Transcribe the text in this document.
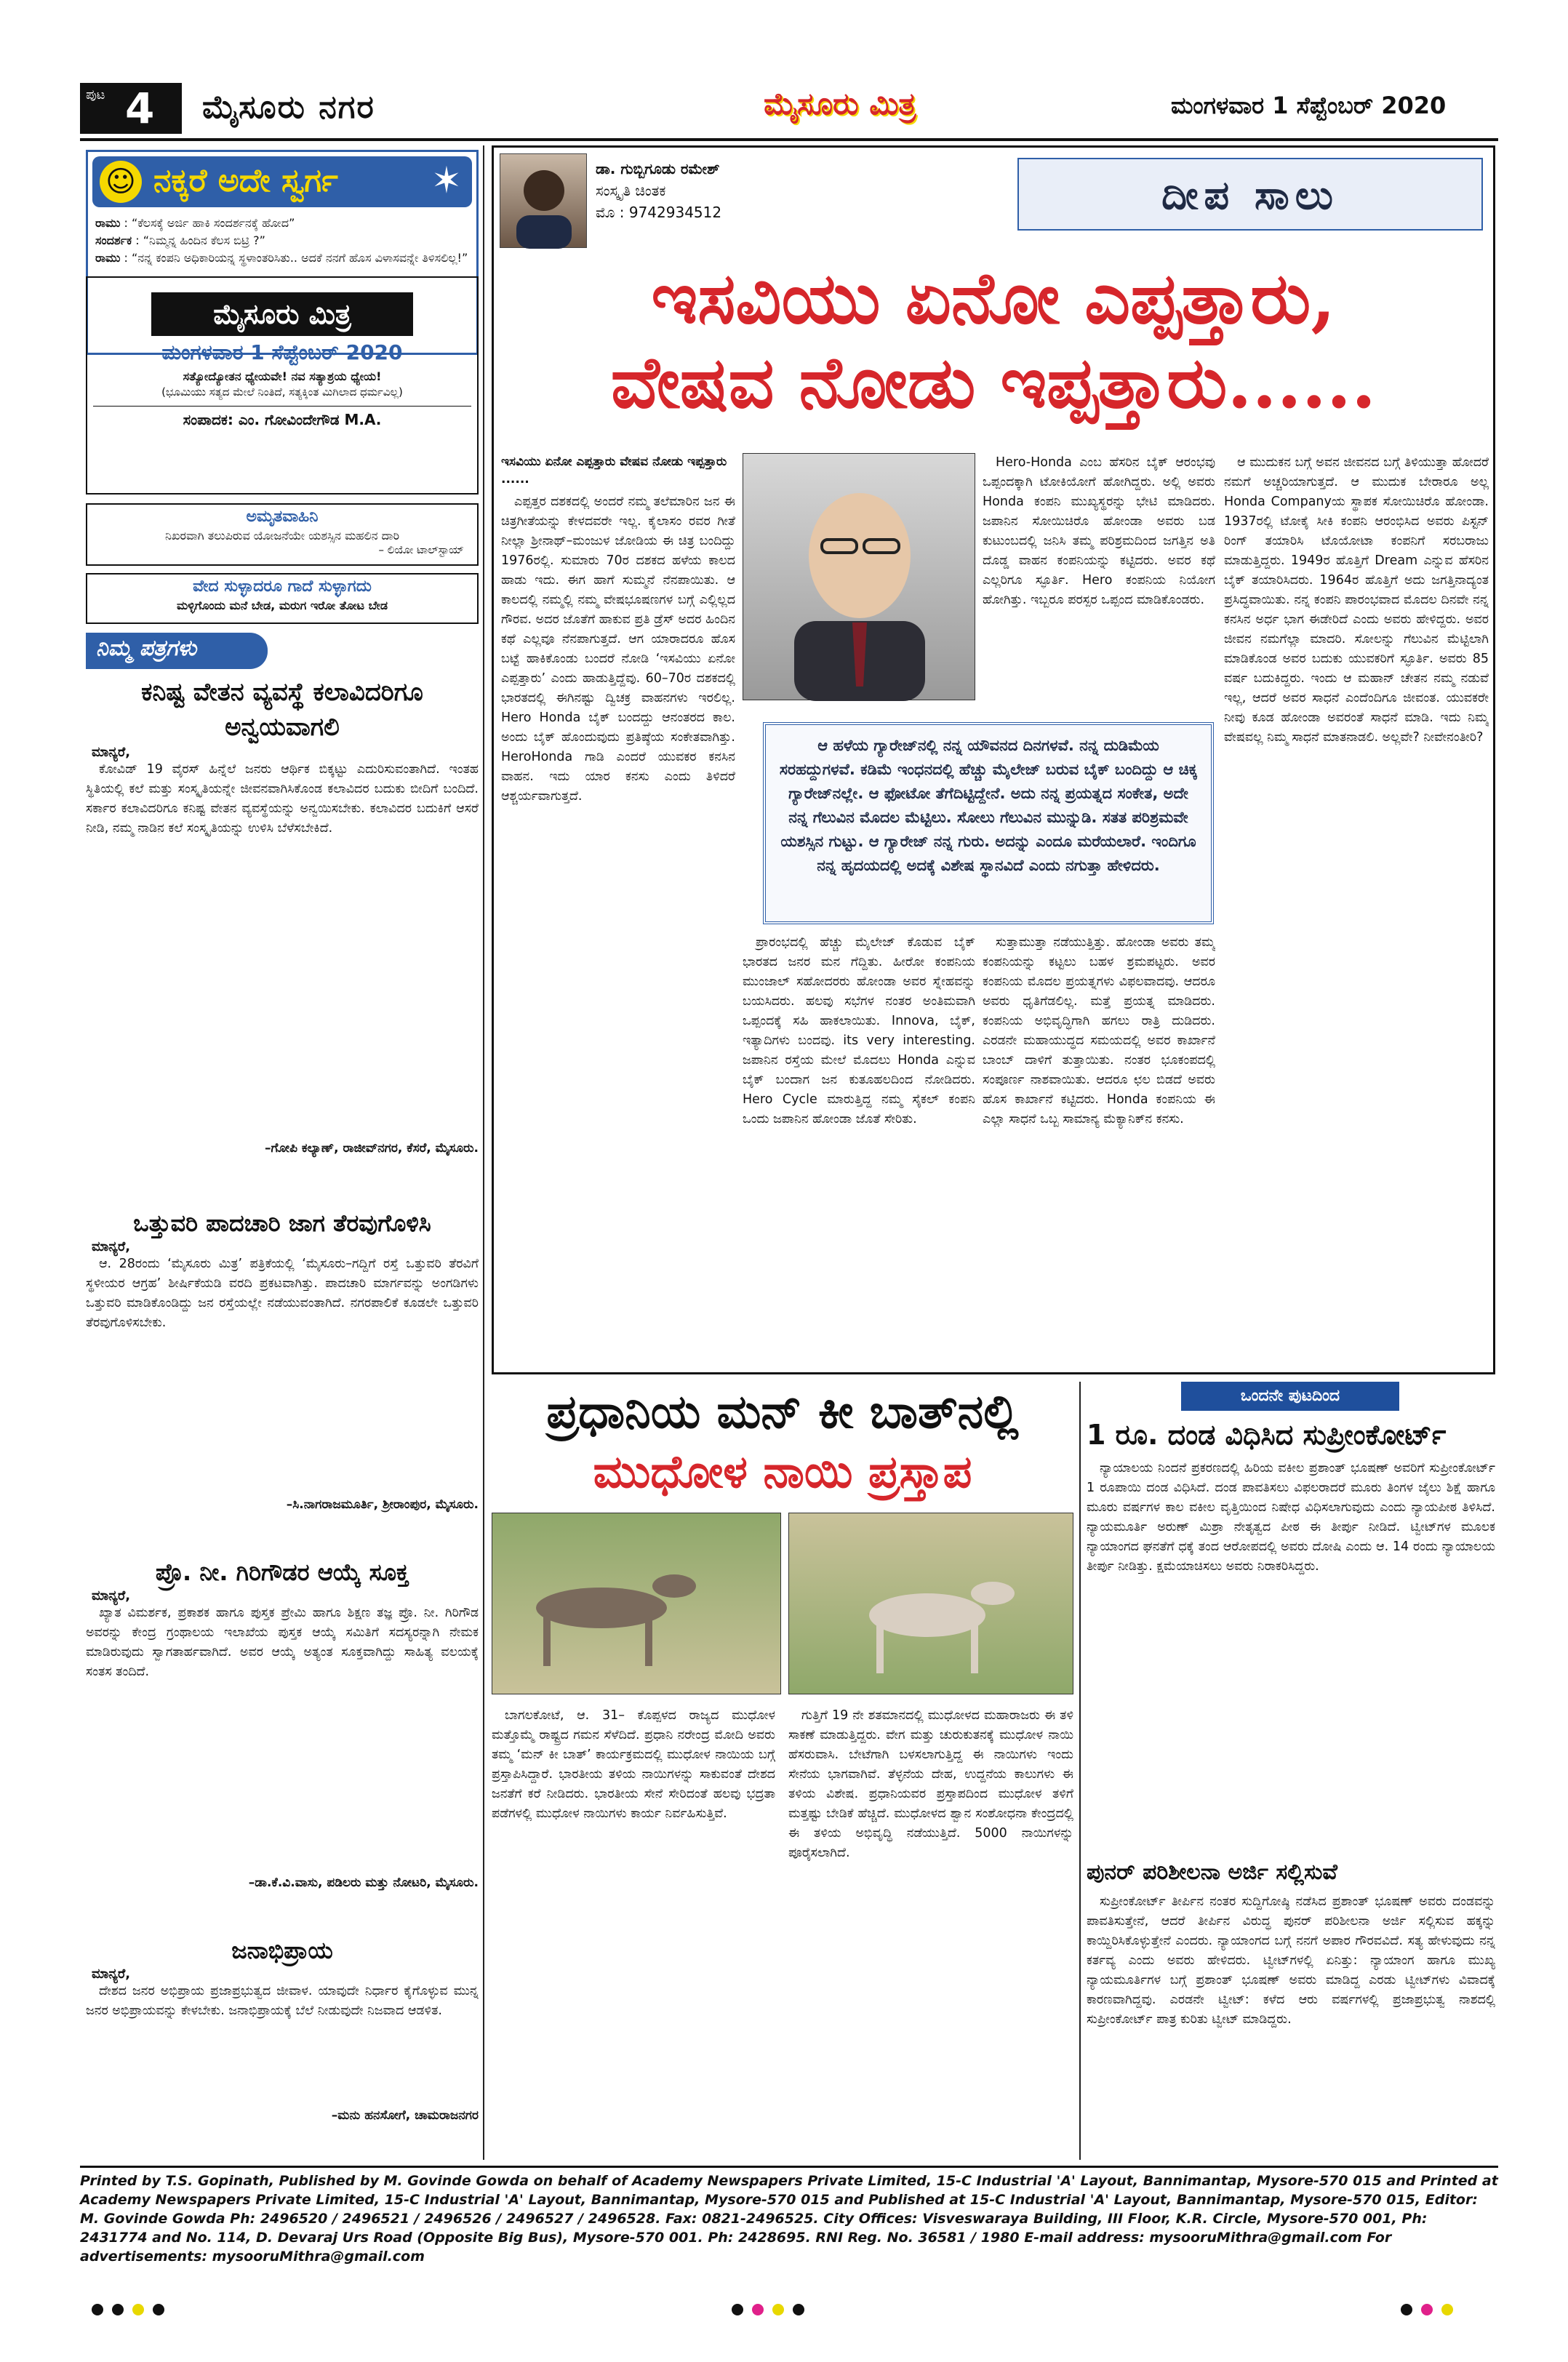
ಪುಟ 4 ಮೈಸೂರು ನಗರ	ಮೈಸೂರು ಮಿತ್ರ	ಮಂಗಳವಾರ 1 ಸೆಪ್ಟೆಂಬರ್ 2020
☺ ನಕ್ಕರೆ ಅದೇ ಸ್ವರ್ಗ	✶
ರಾಮು : “ಕೆಲಸಕ್ಕೆ ಅರ್ಜಿ ಹಾಕಿ ಸಂದರ್ಶನಕ್ಕೆ ಹೋದ”
ಸಂದರ್ಶಕ : “ನಿಮ್ಮನ್ನ ಹಿಂದಿನ ಕೆಲಸ ಬಿಟ್ರಿ ?”
ರಾಮು : “ನನ್ನ ಕಂಪನಿ ಅಧಿಕಾರಿಯನ್ನ ಸ್ಥಳಾಂತರಿಸಿತು.. ಅದಕೆ ನನಗೆ ಹೊಸ ವಿಳಾಸವನ್ನೇ ತಿಳಿಸಲಿಲ್ಲ!”
ಮೈಸೂರು ಮಿತ್ರ
ಮಂಗಳವಾರ 1 ಸೆಪ್ಟೆಂಬರ್ 2020
ಸತ್ಯೋದ್ಯೋತನ ಧ್ಯೇಯವೇ! ನವ ಸತ್ಯಾಶ್ರಯ ಧ್ಯೇಯ!
(ಭೂಮಿಯು ಸತ್ಯದ ಮೇಲೆ ನಿಂತಿದೆ, ಸತ್ಯಕ್ಕಿಂತ ಮಿಗಿಲಾದ ಧರ್ಮವಿಲ್ಲ)
ಸಂಪಾದಕ: ಎಂ. ಗೋವಿಂದೇಗೌಡ M.A.
ಅಮೃತವಾಹಿನಿ
ನಿಖರವಾಗಿ ತಲುಪಿರುವ ಯೋಜನೆಯೇ ಯಶಸ್ಸಿನ ಮಹಲಿನ ದಾರಿ
– ಲಿಯೋ ಟಾಲ್‌ಸ್ಟಾಯ್
ವೇದ ಸುಳ್ಳಾದರೂ ಗಾದೆ ಸುಳ್ಳಾಗದು
ಮಳ್ಳಿಗೊಂದು ಮನೆ ಬೇಡ, ಮರುಗ ಇರೋ ತೋಟ ಬೇಡ
ನಿಮ್ಮ ಪತ್ರಗಳು
ಕನಿಷ್ಟ ವೇತನ ವ್ಯವಸ್ಥೆ ಕಲಾವಿದರಿಗೂ ಅನ್ವಯವಾಗಲಿ
ಮಾನ್ಯರೆ,

ಕೋವಿಡ್‌ 19 ವೈರಸ್ ಹಿನ್ನೆಲೆ ಜನರು ಆರ್ಥಿಕ ಬಿಕ್ಕಟ್ಟು ಎದುರಿಸುವಂತಾಗಿದೆ. ಇಂತಹ ಸ್ಥಿತಿಯಲ್ಲಿ ಕಲೆ ಮತ್ತು ಸಂಸ್ಕೃತಿಯನ್ನೇ ಜೀವನವಾಗಿಸಿಕೊಂಡ ಕಲಾವಿದರ ಬದುಕು ಬೀದಿಗೆ ಬಂದಿದೆ. ಸರ್ಕಾರ ಕಲಾವಿದರಿಗೂ ಕನಿಷ್ಟ ವೇತನ ವ್ಯವಸ್ಥೆಯನ್ನು ಅನ್ವಯಿಸಬೇಕು. ಕಲಾವಿದರ ಬದುಕಿಗೆ ಆಸರೆ ನೀಡಿ, ನಮ್ಮ ನಾಡಿನ ಕಲೆ ಸಂಸ್ಕೃತಿಯನ್ನು ಉಳಿಸಿ ಬೆಳೆಸಬೇಕಿದೆ.

–ಗೋಪಿ ಕಲ್ಯಾಣ್, ರಾಜೀವ್‌ನಗರ, ಕೆಸರೆ, ಮೈಸೂರು.
ಒತ್ತುವರಿ ಪಾದಚಾರಿ ಜಾಗ ತೆರವುಗೊಳಿಸಿ
ಮಾನ್ಯರೆ,

ಆ. 28ರಂದು ‘ಮೈಸೂರು ಮಿತ್ರ’ ಪತ್ರಿಕೆಯಲ್ಲಿ ‘ಮೈಸೂರು–ಗದ್ದಿಗೆ ರಸ್ತೆ ಒತ್ತುವರಿ ತೆರವಿಗೆ ಸ್ಥಳೀಯರ ಆಗ್ರಹ’ ಶೀರ್ಷಿಕೆಯಡಿ ವರದಿ ಪ್ರಕಟವಾಗಿತ್ತು. ಪಾದಚಾರಿ ಮಾರ್ಗವನ್ನು ಅಂಗಡಿಗಳು ಒತ್ತುವರಿ ಮಾಡಿಕೊಂಡಿದ್ದು ಜನ ರಸ್ತೆಯಲ್ಲೇ ನಡೆಯುವಂತಾಗಿದೆ. ನಗರಪಾಲಿಕೆ ಕೂಡಲೇ ಒತ್ತುವರಿ ತೆರವುಗೊಳಿಸಬೇಕು.

–ಸಿ.ನಾಗರಾಜಮೂರ್ತಿ, ಶ್ರೀರಾಂಪುರ, ಮೈಸೂರು.
ಪ್ರೊ. ನೀ. ಗಿರಿಗೌಡರ ಆಯ್ಕೆ ಸೂಕ್ತ
ಮಾನ್ಯರೆ,

ಖ್ಯಾತ ವಿಮರ್ಶಕ, ಪ್ರಕಾಶಕ ಹಾಗೂ ಪುಸ್ತಕ ಪ್ರೇಮಿ ಹಾಗೂ ಶಿಕ್ಷಣ ತಜ್ಞ ಪ್ರೊ. ನೀ. ಗಿರಿಗೌಡ ಅವರನ್ನು ಕೇಂದ್ರ ಗ್ರಂಥಾಲಯ ಇಲಾಖೆಯ ಪುಸ್ತಕ ಆಯ್ಕೆ ಸಮಿತಿಗೆ ಸದಸ್ಯರನ್ನಾಗಿ ನೇಮಕ ಮಾಡಿರುವುದು ಸ್ವಾಗತಾರ್ಹವಾಗಿದೆ. ಅವರ ಆಯ್ಕೆ ಅತ್ಯಂತ ಸೂಕ್ತವಾಗಿದ್ದು ಸಾಹಿತ್ಯ ವಲಯಕ್ಕೆ ಸಂತಸ ತಂದಿದೆ.

–ಡಾ.ಕೆ.ವಿ.ವಾಸು, ಪಡಿಲರು ಮತ್ತು ನೋಟರಿ, ಮೈಸೂರು.
ಜನಾಭಿಪ್ರಾಯ
ಮಾನ್ಯರೆ,

ದೇಶದ ಜನರ ಅಭಿಪ್ರಾಯ ಪ್ರಜಾಪ್ರಭುತ್ವದ ಜೀವಾಳ. ಯಾವುದೇ ನಿರ್ಧಾರ ಕೈಗೊಳ್ಳುವ ಮುನ್ನ ಜನರ ಅಭಿಪ್ರಾಯವನ್ನು ಕೇಳಬೇಕು. ಜನಾಭಿಪ್ರಾಯಕ್ಕೆ ಬೆಲೆ ನೀಡುವುದೇ ನಿಜವಾದ ಆಡಳಿತ.

–ಮನು ಹನಸೋಗೆ, ಚಾಮರಾಜನಗರ
ಡಾ. ಗುಬ್ಬಿಗೂಡು ರಮೇಶ್
ಸಂಸ್ಕೃತಿ ಚಿಂತಕ
ಮೊ : 9742934512	ದೀಪ ಸಾಲು
ಇಸವಿಯು ಏನೋ ಎಪ್ಪತ್ತಾರು,
ವೇಷವ ನೋಡು ಇಪ್ಪತ್ತಾರು......
ಇಸವಿಯು ಏನೋ ಎಪ್ಪತ್ತಾರು ವೇಷವ ನೋಡು ಇಪ್ಪತ್ತಾರು ......

ಎಪ್ಪತ್ತರ ದಶಕದಲ್ಲಿ ಅಂದರೆ ನಮ್ಮ ತಲೆಮಾರಿನ ಜನ ಈ ಚಿತ್ರಗೀತೆಯನ್ನು ಕೇಳದವರೇ ಇಲ್ಲ. ಕೈಲಾಸಂ ರವರ ಗೀತೆ ನೀಲ್ಲಾ ಶ್ರೀನಾಥ್–ಮಂಜುಳ ಜೋಡಿಯ ಈ ಚಿತ್ರ ಬಂದಿದ್ದು 1976ರಲ್ಲಿ. ಸುಮಾರು 70ರ ದಶಕದ ಹಳೆಯ ಕಾಲದ ಹಾಡು ಇದು. ಈಗ ಹಾಗೆ ಸುಮ್ಮನೆ ನೆನಪಾಯಿತು. ಆ ಕಾಲದಲ್ಲಿ ನಮ್ಮಲ್ಲಿ ನಮ್ಮ ವೇಷಭೂಷಣಗಳ ಬಗ್ಗೆ ಎಲ್ಲಿಲ್ಲದ ಗೌರವ. ಅದರ ಜೊತೆಗೆ ಹಾಕುವ ಪ್ರತಿ ಡ್ರೆಸ್ ಅದರ ಹಿಂದಿನ ಕಥೆ ಎಲ್ಲವೂ ನೆನಪಾಗುತ್ತದೆ. ಆಗ ಯಾರಾದರೂ ಹೊಸ ಬಟ್ಟೆ ಹಾಕಿಕೊಂಡು ಬಂದರೆ ನೋಡಿ ‘ಇಸವಿಯು ಏನೋ ಎಪ್ಪತ್ತಾರು’ ಎಂದು ಹಾಡುತ್ತಿದ್ದೆವು. 60–70ರ ದಶಕದಲ್ಲಿ ಭಾರತದಲ್ಲಿ ಈಗಿನಷ್ಟು ದ್ವಿಚಕ್ರ ವಾಹನಗಳು ಇರಲಿಲ್ಲ. Hero Honda ಬೈಕ್ ಬಂದದ್ದು ಆನಂತರದ ಕಾಲ. ಅಂದು ಬೈಕ್ ಹೊಂದುವುದು ಪ್ರತಿಷ್ಠೆಯ ಸಂಕೇತವಾಗಿತ್ತು. HeroHonda ಗಾಡಿ ಎಂದರೆ ಯುವಕರ ಕನಸಿನ ವಾಹನ. ಇದು ಯಾರ ಕನಸು ಎಂದು ತಿಳಿದರೆ ಆಶ್ಚರ್ಯವಾಗುತ್ತದೆ.

Hero-Honda ಎಂಬ ಹೆಸರಿನ ಬೈಕ್ ಆರಂಭವು ಒಪ್ಪಂದಕ್ಕಾಗಿ ಟೋಕಿಯೋಗೆ ಹೋಗಿದ್ದರು. ಅಲ್ಲಿ ಅವರು Honda ಕಂಪನಿ ಮುಖ್ಯಸ್ಥರನ್ನು ಭೇಟಿ ಮಾಡಿದರು. ಜಪಾನಿನ ಸೋಯಿಚಿರೊ ಹೋಂಡಾ ಅವರು ಬಡ ಕುಟುಂಬದಲ್ಲಿ ಜನಿಸಿ ತಮ್ಮ ಪರಿಶ್ರಮದಿಂದ ಜಗತ್ತಿನ ಅತಿ ದೊಡ್ಡ ವಾಹನ ಕಂಪನಿಯನ್ನು ಕಟ್ಟಿದರು. ಅವರ ಕಥೆ ಎಲ್ಲರಿಗೂ ಸ್ಫೂರ್ತಿ. Hero ಕಂಪನಿಯ ನಿಯೋಗ ಹೋಗಿತ್ತು. ಇಬ್ಬರೂ ಪರಸ್ಪರ ಒಪ್ಪಂದ ಮಾಡಿಕೊಂಡರು.

ಆ ಹಳೆಯ ಗ್ಯಾರೇಜ್‌ನಲ್ಲಿ ನನ್ನ ಯೌವನದ ದಿನಗಳವೆ. ನನ್ನ ದುಡಿಮೆಯ ಸರಹದ್ದುಗಳವೆ. ಕಡಿಮೆ ಇಂಧನದಲ್ಲಿ ಹೆಚ್ಚು ಮೈಲೇಜ್ ಬರುವ ಬೈಕ್ ಬಂದಿದ್ದು ಆ ಚಿಕ್ಕ ಗ್ಯಾರೇಜ್‌ನಲ್ಲೇ. ಆ ಫೋಟೋ ತೆಗೆದಿಟ್ಟಿದ್ದೇನೆ. ಅದು ನನ್ನ ಪ್ರಯತ್ನದ ಸಂಕೇತ, ಅದೇ ನನ್ನ ಗೆಲುವಿನ ಮೊದಲ ಮೆಟ್ಟಿಲು. ಸೋಲು ಗೆಲುವಿನ ಮುನ್ನುಡಿ. ಸತತ ಪರಿಶ್ರಮವೇ ಯಶಸ್ಸಿನ ಗುಟ್ಟು. ಆ ಗ್ಯಾರೇಜ್ ನನ್ನ ಗುರು. ಅದನ್ನು ಎಂದೂ ಮರೆಯಲಾರೆ. ಇಂದಿಗೂ ನನ್ನ ಹೃದಯದಲ್ಲಿ ಅದಕ್ಕೆ ವಿಶೇಷ ಸ್ಥಾನವಿದೆ ಎಂದು ನಗುತ್ತಾ ಹೇಳಿದರು.

ಪ್ರಾರಂಭದಲ್ಲಿ ಹೆಚ್ಚು ಮೈಲೇಜ್ ಕೊಡುವ ಬೈಕ್ ಭಾರತದ ಜನರ ಮನ ಗೆದ್ದಿತು. ಹೀರೋ ಕಂಪನಿಯ ಮುಂಜಾಲ್ ಸಹೋದರರು ಹೋಂಡಾ ಅವರ ಸ್ನೇಹವನ್ನು ಬಯಸಿದರು. ಹಲವು ಸಭೆಗಳ ನಂತರ ಅಂತಿಮವಾಗಿ ಒಪ್ಪಂದಕ್ಕೆ ಸಹಿ ಹಾಕಲಾಯಿತು. Innova, ಬೈಕ್, ಇತ್ಯಾದಿಗಳು ಬಂದವು. its very interesting. ಜಪಾನಿನ ರಸ್ತೆಯ ಮೇಲೆ ಮೊದಲು Honda ಎನ್ನುವ ಬೈಕ್ ಬಂದಾಗ ಜನ ಕುತೂಹಲದಿಂದ ನೋಡಿದರು. Hero Cycle ಮಾರುತ್ತಿದ್ದ ನಮ್ಮ ಸೈಕಲ್ ಕಂಪನಿ ಒಂದು ಜಪಾನಿನ ಹೋಂಡಾ ಜೊತೆ ಸೇರಿತು.

ಸುತ್ತಾಮುತ್ತಾ ನಡೆಯುತ್ತಿತ್ತು. ಹೋಂಡಾ ಅವರು ತಮ್ಮ ಕಂಪನಿಯನ್ನು ಕಟ್ಟಲು ಬಹಳ ಶ್ರಮಪಟ್ಟರು. ಅವರ ಕಂಪನಿಯ ಮೊದಲ ಪ್ರಯತ್ನಗಳು ವಿಫಲವಾದವು. ಆದರೂ ಅವರು ಧೃತಿಗೆಡಲಿಲ್ಲ. ಮತ್ತೆ ಪ್ರಯತ್ನ ಮಾಡಿದರು. ಕಂಪನಿಯ ಅಭಿವೃದ್ಧಿಗಾಗಿ ಹಗಲು ರಾತ್ರಿ ದುಡಿದರು. ಎರಡನೇ ಮಹಾಯುದ್ಧದ ಸಮಯದಲ್ಲಿ ಅವರ ಕಾರ್ಖಾನೆ ಬಾಂಬ್ ದಾಳಿಗೆ ತುತ್ತಾಯಿತು. ನಂತರ ಭೂಕಂಪದಲ್ಲಿ ಸಂಪೂರ್ಣ ನಾಶವಾಯಿತು. ಆದರೂ ಛಲ ಬಿಡದೆ ಅವರು ಹೊಸ ಕಾರ್ಖಾನೆ ಕಟ್ಟಿದರು. Honda ಕಂಪನಿಯ ಈ ಎಲ್ಲಾ ಸಾಧನೆ ಒಬ್ಬ ಸಾಮಾನ್ಯ ಮೆಕ್ಯಾನಿಕ್‌ನ ಕನಸು.

ಆ ಮುದುಕನ ಬಗ್ಗೆ ಅವನ ಜೀವನದ ಬಗ್ಗೆ ತಿಳಿಯುತ್ತಾ ಹೋದರೆ ನಮಗೆ ಅಚ್ಚರಿಯಾಗುತ್ತದೆ. ಆ ಮುದುಕ ಬೇರಾರೂ ಅಲ್ಲ Honda Companyಯ ಸ್ಥಾಪಕ ಸೋಯಿಚಿರೊ ಹೋಂಡಾ. 1937ರಲ್ಲಿ ಟೋಕೈ ಸೀಕಿ ಕಂಪನಿ ಆರಂಭಿಸಿದ ಅವರು ಪಿಸ್ಟನ್ ರಿಂಗ್ ತಯಾರಿಸಿ ಟೊಯೋಟಾ ಕಂಪನಿಗೆ ಸರಬರಾಜು ಮಾಡುತ್ತಿದ್ದರು. 1949ರ ಹೊತ್ತಿಗೆ Dream ಎನ್ನುವ ಹೆಸರಿನ ಬೈಕ್ ತಯಾರಿಸಿದರು. 1964ರ ಹೊತ್ತಿಗೆ ಅದು ಜಗತ್ತಿನಾದ್ಯಂತ ಪ್ರಸಿದ್ಧವಾಯಿತು. ನನ್ನ ಕಂಪನಿ ಪಾರಂಭವಾದ ಮೊದಲ ದಿನವೇ ನನ್ನ ಕನಸಿನ ಅರ್ಧ ಭಾಗ ಈಡೇರಿದೆ ಎಂದು ಅವರು ಹೇಳಿದ್ದರು. ಅವರ ಜೀವನ ನಮಗೆಲ್ಲಾ ಮಾದರಿ. ಸೋಲನ್ನು ಗೆಲುವಿನ ಮೆಟ್ಟಿಲಾಗಿ ಮಾಡಿಕೊಂಡ ಅವರ ಬದುಕು ಯುವಕರಿಗೆ ಸ್ಫೂರ್ತಿ. ಅವರು 85 ವರ್ಷ ಬದುಕಿದ್ದರು. ಇಂದು ಆ ಮಹಾನ್ ಚೇತನ ನಮ್ಮ ನಡುವೆ ಇಲ್ಲ, ಆದರೆ ಅವರ ಸಾಧನೆ ಎಂದೆಂದಿಗೂ ಜೀವಂತ. ಯುವಕರೇ ನೀವು ಕೂಡ ಹೋಂಡಾ ಅವರಂತೆ ಸಾಧನೆ ಮಾಡಿ. ಇದು ನಿಮ್ಮ ವೇಷವಲ್ಲ ನಿಮ್ಮ ಸಾಧನೆ ಮಾತನಾಡಲಿ. ಅಲ್ಲವೇ? ನೀವೇನಂತೀರಿ?

ಪ್ರಧಾನಿಯ ಮನ್ ಕೀ ಬಾತ್‌ನಲ್ಲಿ
ಮುಧೋಳ ನಾಯಿ ಪ್ರಸ್ತಾಪ

ಬಾಗಲಕೋಟೆ, ಆ. 31– ಕೊಪ್ಪಳದ ರಾಜ್ಯದ ಮುಧೋಳ ಮತ್ತೊಮ್ಮೆ ರಾಷ್ಟ್ರದ ಗಮನ ಸೆಳೆದಿದೆ. ಪ್ರಧಾನಿ ನರೇಂದ್ರ ಮೋದಿ ಅವರು ತಮ್ಮ ‘ಮನ್ ಕೀ ಬಾತ್’ ಕಾರ್ಯಕ್ರಮದಲ್ಲಿ ಮುಧೋಳ ನಾಯಿಯ ಬಗ್ಗೆ ಪ್ರಸ್ತಾಪಿಸಿದ್ದಾರೆ. ಭಾರತೀಯ ತಳಿಯ ನಾಯಿಗಳನ್ನು ಸಾಕುವಂತೆ ದೇಶದ ಜನತೆಗೆ ಕರೆ ನೀಡಿದರು. ಭಾರತೀಯ ಸೇನೆ ಸೇರಿದಂತೆ ಹಲವು ಭದ್ರತಾ ಪಡೆಗಳಲ್ಲಿ ಮುಧೋಳ ನಾಯಿಗಳು ಕಾರ್ಯ ನಿರ್ವಹಿಸುತ್ತಿವೆ.

ಗುತ್ತಿಗೆ 19 ನೇ ಶತಮಾನದಲ್ಲಿ ಮುಧೋಳದ ಮಹಾರಾಜರು ಈ ತಳಿ ಸಾಕಣೆ ಮಾಡುತ್ತಿದ್ದರು. ವೇಗ ಮತ್ತು ಚುರುಕುತನಕ್ಕೆ ಮುಧೋಳ ನಾಯಿ ಹೆಸರುವಾಸಿ. ಬೇಟೆಗಾಗಿ ಬಳಸಲಾಗುತ್ತಿದ್ದ ಈ ನಾಯಿಗಳು ಇಂದು ಸೇನೆಯ ಭಾಗವಾಗಿವೆ. ತೆಳ್ಳನೆಯ ದೇಹ, ಉದ್ದನೆಯ ಕಾಲುಗಳು ಈ ತಳಿಯ ವಿಶೇಷ. ಪ್ರಧಾನಿಯವರ ಪ್ರಸ್ತಾಪದಿಂದ ಮುಧೋಳ ತಳಿಗೆ ಮತ್ತಷ್ಟು ಬೇಡಿಕೆ ಹೆಚ್ಚಿದೆ. ಮುಧೋಳದ ಶ್ವಾನ ಸಂಶೋಧನಾ ಕೇಂದ್ರದಲ್ಲಿ ಈ ತಳಿಯ ಅಭಿವೃದ್ಧಿ ನಡೆಯುತ್ತಿದೆ. 5000 ನಾಯಿಗಳನ್ನು ಪೂರೈಸಲಾಗಿದೆ.

ಒಂದನೇ ಪುಟದಿಂದ
1 ರೂ. ದಂಡ ವಿಧಿಸಿದ ಸುಪ್ರೀಂಕೋರ್ಟ್

ನ್ಯಾಯಾಲಯ ನಿಂದನೆ ಪ್ರಕರಣದಲ್ಲಿ ಹಿರಿಯ ವಕೀಲ ಪ್ರಶಾಂತ್ ಭೂಷಣ್ ಅವರಿಗೆ ಸುಪ್ರೀಂಕೋರ್ಟ್ 1 ರೂಪಾಯಿ ದಂಡ ವಿಧಿಸಿದೆ. ದಂಡ ಪಾವತಿಸಲು ವಿಫಲರಾದರೆ ಮೂರು ತಿಂಗಳ ಜೈಲು ಶಿಕ್ಷೆ ಹಾಗೂ ಮೂರು ವರ್ಷಗಳ ಕಾಲ ವಕೀಲ ವೃತ್ತಿಯಿಂದ ನಿಷೇಧ ವಿಧಿಸಲಾಗುವುದು ಎಂದು ನ್ಯಾಯಪೀಠ ತಿಳಿಸಿದೆ. ನ್ಯಾಯಮೂರ್ತಿ ಅರುಣ್ ಮಿಶ್ರಾ ನೇತೃತ್ವದ ಪೀಠ ಈ ತೀರ್ಪು ನೀಡಿದೆ. ಟ್ವೀಟ್‌ಗಳ ಮೂಲಕ ನ್ಯಾಯಾಂಗದ ಘನತೆಗೆ ಧಕ್ಕೆ ತಂದ ಆರೋಪದಲ್ಲಿ ಅವರು ದೋಷಿ ಎಂದು ಆ. 14 ರಂದು ನ್ಯಾಯಾಲಯ ತೀರ್ಪು ನೀಡಿತ್ತು. ಕ್ಷಮೆಯಾಚಿಸಲು ಅವರು ನಿರಾಕರಿಸಿದ್ದರು.

ಪುನರ್ ಪರಿಶೀಲನಾ ಅರ್ಜಿ ಸಲ್ಲಿಸುವೆ

ಸುಪ್ರೀಂಕೋರ್ಟ್ ತೀರ್ಪಿನ ನಂತರ ಸುದ್ದಿಗೋಷ್ಠಿ ನಡೆಸಿದ ಪ್ರಶಾಂತ್ ಭೂಷಣ್ ಅವರು ದಂಡವನ್ನು ಪಾವತಿಸುತ್ತೇನೆ, ಆದರೆ ತೀರ್ಪಿನ ವಿರುದ್ಧ ಪುನರ್ ಪರಿಶೀಲನಾ ಅರ್ಜಿ ಸಲ್ಲಿಸುವ ಹಕ್ಕನ್ನು ಕಾಯ್ದಿರಿಸಿಕೊಳ್ಳುತ್ತೇನೆ ಎಂದರು. ನ್ಯಾಯಾಂಗದ ಬಗ್ಗೆ ನನಗೆ ಅಪಾರ ಗೌರವವಿದೆ. ಸತ್ಯ ಹೇಳುವುದು ನನ್ನ ಕರ್ತವ್ಯ ಎಂದು ಅವರು ಹೇಳಿದರು. ಟ್ವೀಟ್‌ಗಳಲ್ಲಿ ಏನಿತ್ತು: ನ್ಯಾಯಾಂಗ ಹಾಗೂ ಮುಖ್ಯ ನ್ಯಾಯಮೂರ್ತಿಗಳ ಬಗ್ಗೆ ಪ್ರಶಾಂತ್ ಭೂಷಣ್ ಅವರು ಮಾಡಿದ್ದ ಎರಡು ಟ್ವೀಟ್‌ಗಳು ವಿವಾದಕ್ಕೆ ಕಾರಣವಾಗಿದ್ದವು. ಎರಡನೇ ಟ್ವೀಟ್: ಕಳೆದ ಆರು ವರ್ಷಗಳಲ್ಲಿ ಪ್ರಜಾಪ್ರಭುತ್ವ ನಾಶದಲ್ಲಿ ಸುಪ್ರೀಂಕೋರ್ಟ್ ಪಾತ್ರ ಕುರಿತು ಟ್ವೀಟ್ ಮಾಡಿದ್ದರು.

Printed by T.S. Gopinath, Published by M. Govinde Gowda on behalf of Academy Newspapers Private Limited, 15-C Industrial 'A' Layout, Bannimantap, Mysore-570 015 and Printed at Academy Newspapers Private Limited, 15-C Industrial 'A' Layout, Bannimantap, Mysore-570 015 and Published at 15-C Industrial 'A' Layout, Bannimantap, Mysore-570 015, Editor: M. Govinde Gowda Ph: 2496520 / 2496521 / 2496526 / 2496527 / 2496528. Fax: 0821-2496525. City Offices: Visveswaraya Building, III Floor, K.R. Circle, Mysore-570 001, Ph: 2431774 and No. 114, D. Devaraj Urs Road (Opposite Big Bus), Mysore-570 001. Ph: 2428695. RNI Reg. No. 36581 / 1980 E-mail address: mysooruMithra@gmail.com For advertisements: mysooruMithra@gmail.com
